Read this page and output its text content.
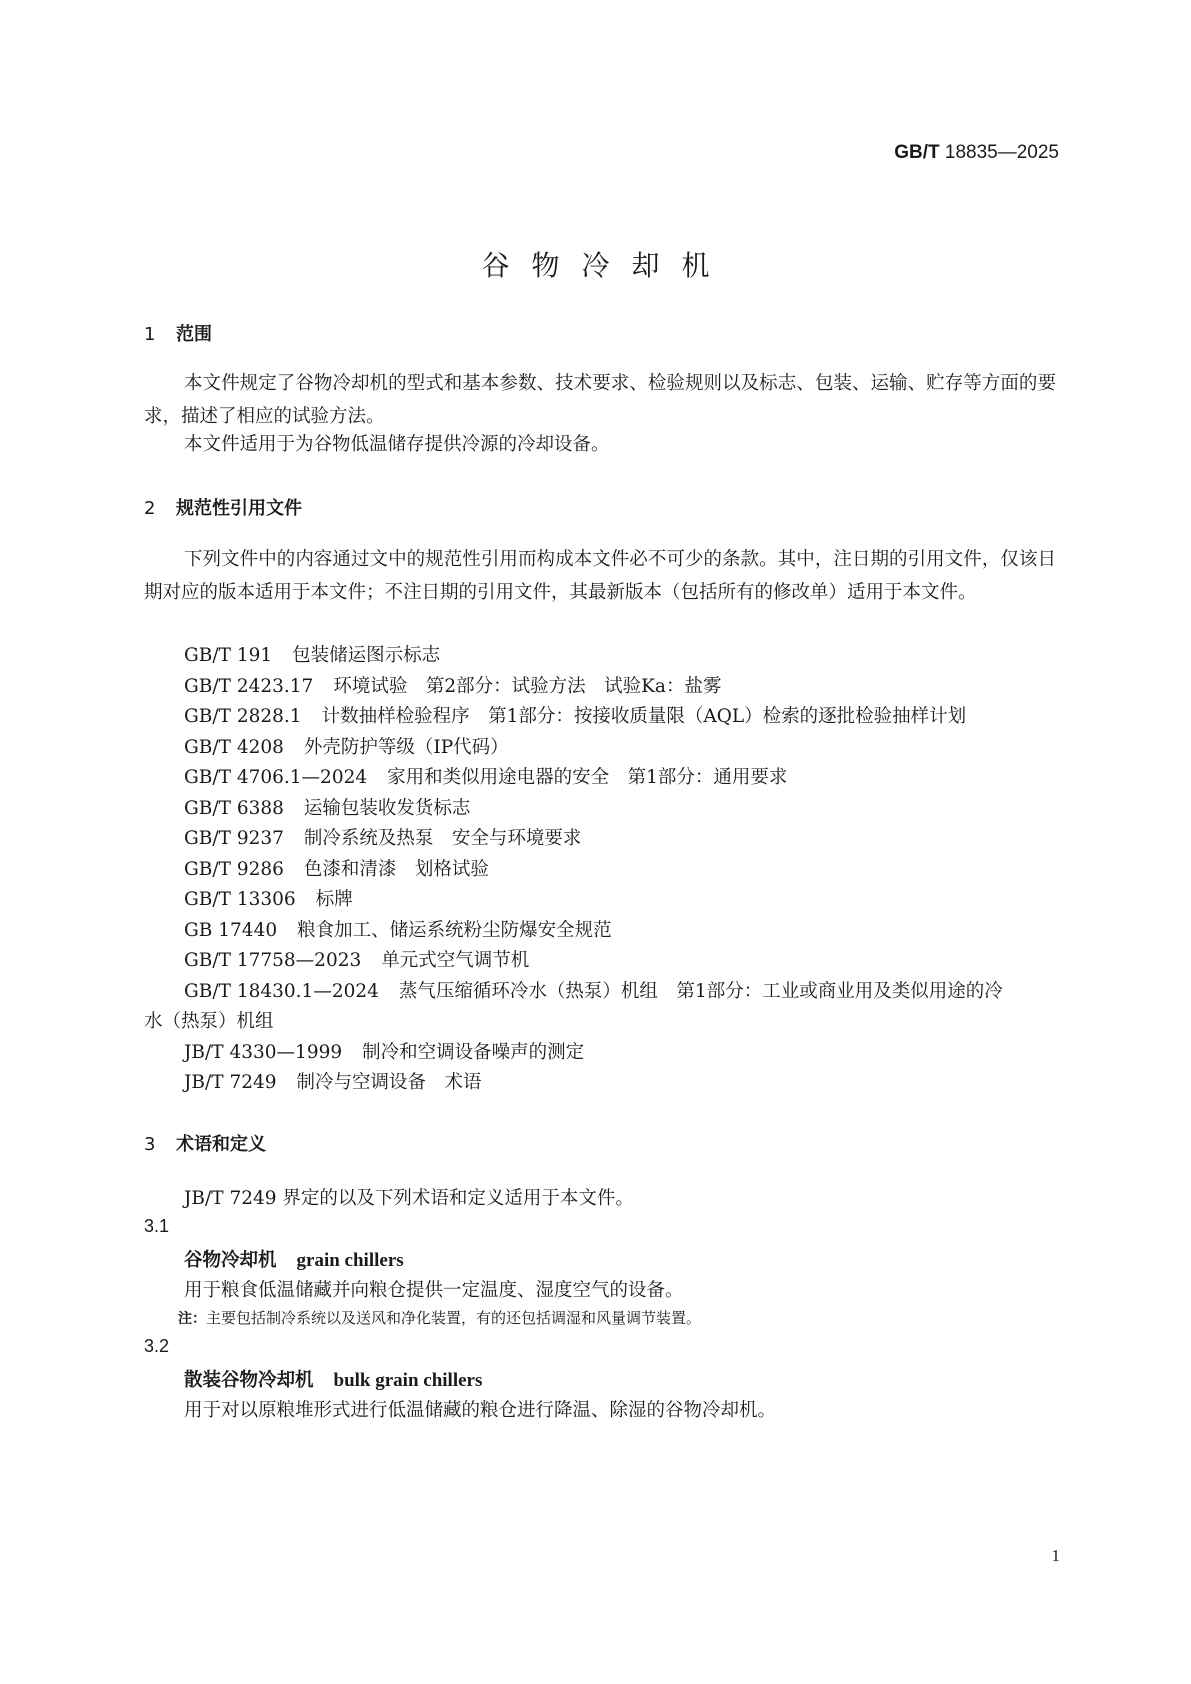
GB/T 18835—2025
谷物冷却机
1 范围

本文件规定了谷物冷却机的型式和基本参数、技术要求、检验规则以及标志、包装、运输、贮存等方面的要求，描述了相应的试验方法。

本文件适用于为谷物低温储存提供冷源的冷却设备。

2 规范性引用文件

下列文件中的内容通过文中的规范性引用而构成本文件必不可少的条款。其中，注日期的引用文件，仅该日期对应的版本适用于本文件；不注日期的引用文件，其最新版本（包括所有的修改单）适用于本文件。

GB/T 191 包装储运图示标志
GB/T 2423.17 环境试验　第2部分：试验方法　试验Ka：盐雾
GB/T 2828.1 计数抽样检验程序　第1部分：按接收质量限（AQL）检索的逐批检验抽样计划
GB/T 4208 外壳防护等级（IP代码）
GB/T 4706.1—2024 家用和类似用途电器的安全　第1部分：通用要求
GB/T 6388 运输包装收发货标志
GB/T 9237 制冷系统及热泵　安全与环境要求
GB/T 9286 色漆和清漆　划格试验
GB/T 13306 标牌
GB 17440 粮食加工、储运系统粉尘防爆安全规范
GB/T 17758—2023 单元式空气调节机
GB/T 18430.1—2024 蒸气压缩循环冷水（热泵）机组　第1部分：工业或商业用及类似用途的冷
水（热泵）机组
JB/T 4330—1999 制冷和空调设备噪声的测定
JB/T 7249 制冷与空调设备　术语
3 术语和定义
JB/T 7249 界定的以及下列术语和定义适用于本文件。
3.1
谷物冷却机 grain chillers
用于粮食低温储藏并向粮仓提供一定温度、湿度空气的设备。
注：主要包括制冷系统以及送风和净化装置，有的还包括调湿和风量调节装置。
3.2
散装谷物冷却机 bulk grain chillers
用于对以原粮堆形式进行低温储藏的粮仓进行降温、除湿的谷物冷却机。
1
